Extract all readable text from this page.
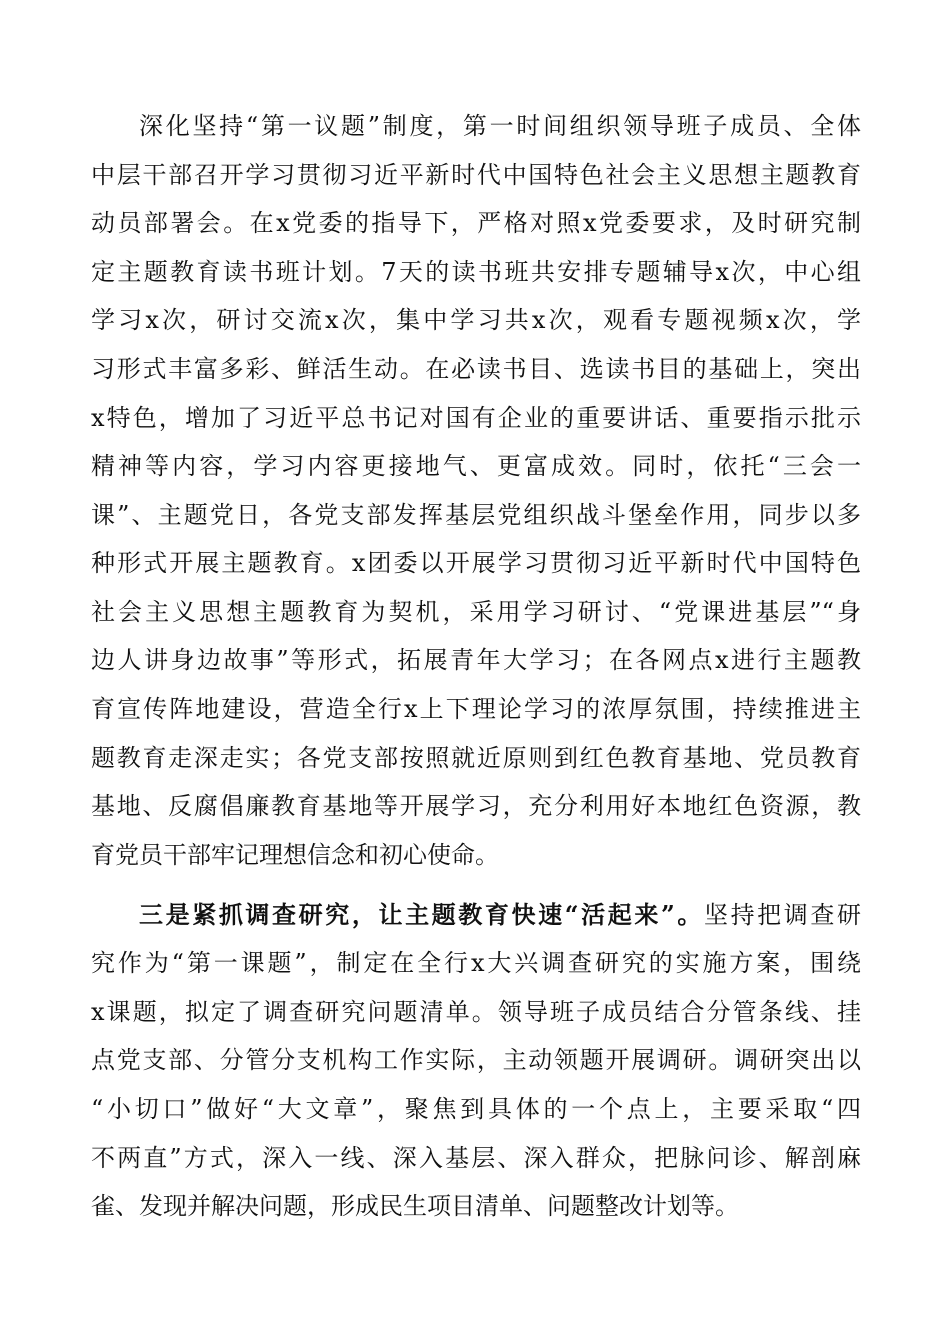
深化坚持“第一议题”制度，第一时间组织领导班子成员、全体
中层干部召开学习贯彻习近平新时代中国特色社会主义思想主题教育
动员部署会。在x党委的指导下，严格对照x党委要求，及时研究制
定主题教育读书班计划。7天的读书班共安排专题辅导x次，中心组
学习x次，研讨交流x次，集中学习共x次，观看专题视频x次，学
习形式丰富多彩、鲜活生动。在必读书目、选读书目的基础上，突出
x特色，增加了习近平总书记对国有企业的重要讲话、重要指示批示
精神等内容，学习内容更接地气、更富成效。同时，依托“三会一
课”、主题党日，各党支部发挥基层党组织战斗堡垒作用，同步以多
种形式开展主题教育。x团委以开展学习贯彻习近平新时代中国特色
社会主义思想主题教育为契机，采用学习研讨、“党课进基层”“身
边人讲身边故事”等形式，拓展青年大学习；在各网点x进行主题教
育宣传阵地建设，营造全行x上下理论学习的浓厚氛围，持续推进主
题教育走深走实；各党支部按照就近原则到红色教育基地、党员教育
基地、反腐倡廉教育基地等开展学习，充分利用好本地红色资源，教
育党员干部牢记理想信念和初心使命。
三是紧抓调查研究，让主题教育快速“活起来”。坚持把调查研
究作为“第一课题”，制定在全行x大兴调查研究的实施方案，围绕
x课题，拟定了调查研究问题清单。领导班子成员结合分管条线、挂
点党支部、分管分支机构工作实际，主动领题开展调研。调研突出以
“小切口”做好“大文章”，聚焦到具体的一个点上，主要采取“四
不两直”方式，深入一线、深入基层、深入群众，把脉问诊、解剖麻
雀、发现并解决问题，形成民生项目清单、问题整改计划等。
